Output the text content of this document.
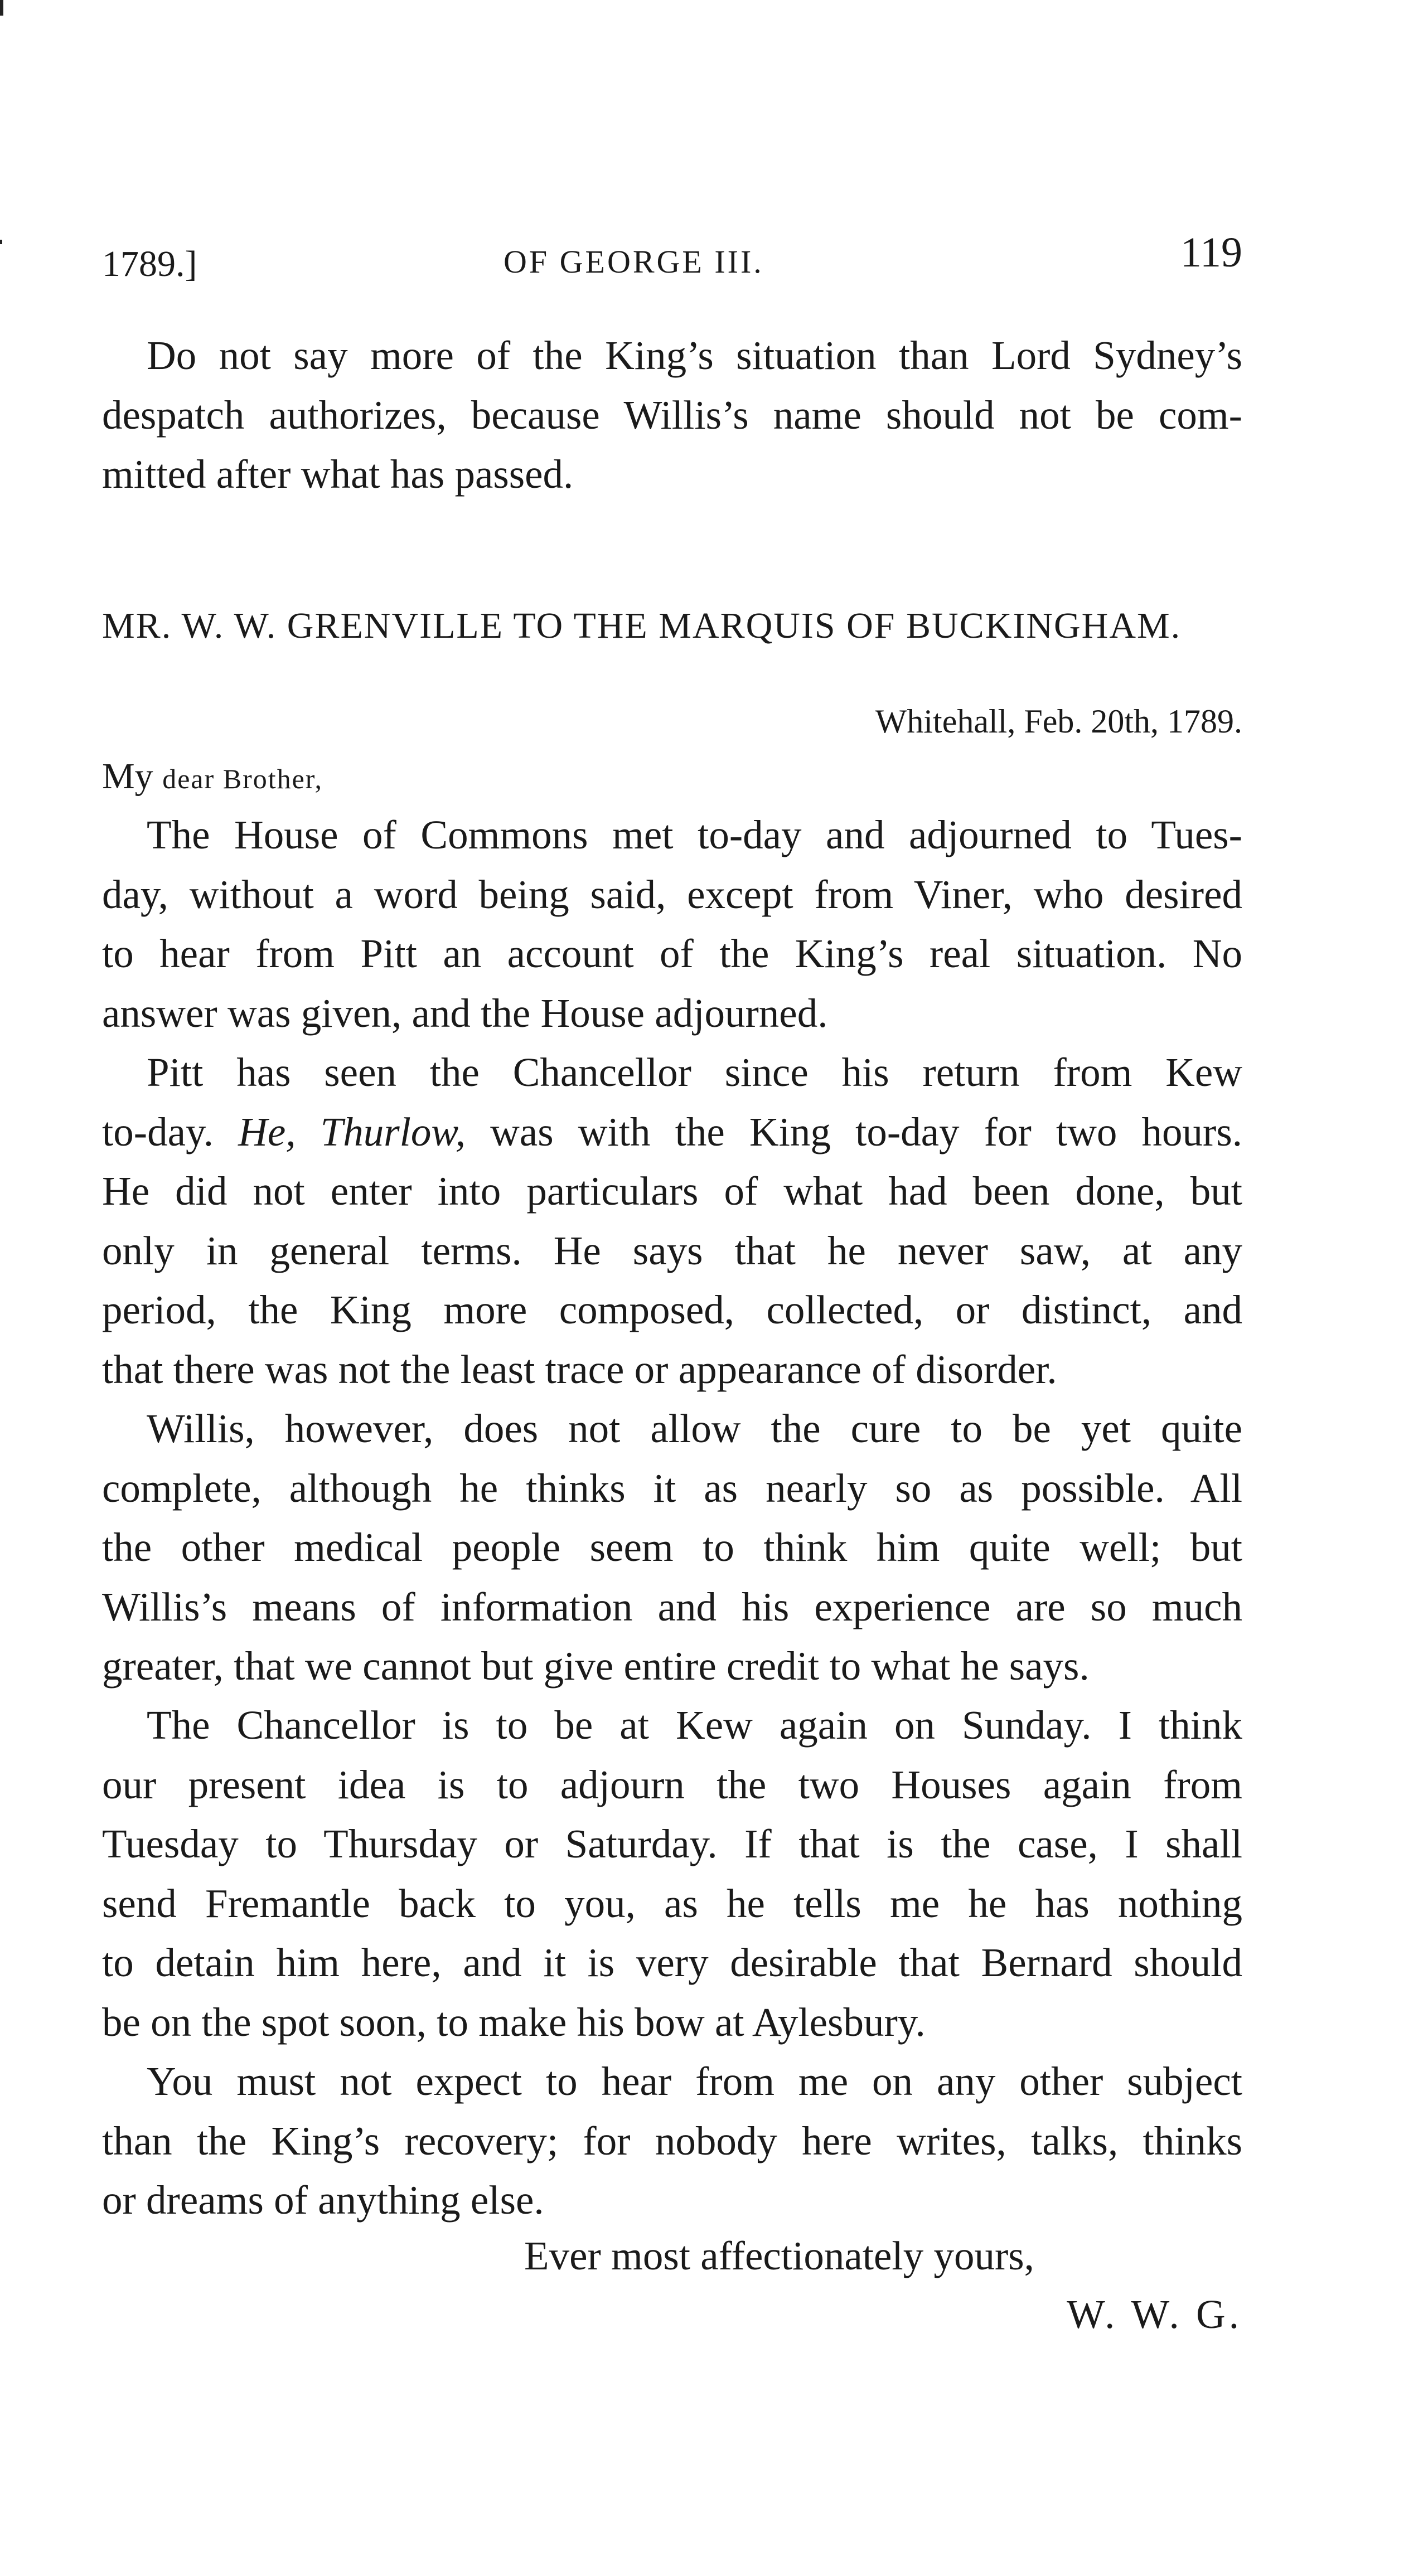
1789.]	OF GEORGE III.	119
Do not say more of the King’s situation than Lord Sydney’s
despatch authorizes, because Willis’s name should not be com-
mitted after what has passed.
MR. W. W. GRENVILLE TO THE MARQUIS OF BUCKINGHAM.
Whitehall, Feb. 20th, 1789.
My dear Brother,
The House of Commons met to-day and adjourned to Tues-
day, without a word being said, except from Viner, who desired
to hear from Pitt an account of the King’s real situation. No
answer was given, and the House adjourned.
Pitt has seen the Chancellor since his return from Kew
to-day. He, Thurlow, was with the King to-day for two hours.
He did not enter into particulars of what had been done, but
only in general terms. He says that he never saw, at any
period, the King more composed, collected, or distinct, and
that there was not the least trace or appearance of disorder.
Willis, however, does not allow the cure to be yet quite
complete, although he thinks it as nearly so as possible. All
the other medical people seem to think him quite well; but
Willis’s means of information and his experience are so much
greater, that we cannot but give entire credit to what he says.
The Chancellor is to be at Kew again on Sunday. I think
our present idea is to adjourn the two Houses again from
Tuesday to Thursday or Saturday. If that is the case, I shall
send Fremantle back to you, as he tells me he has nothing
to detain him here, and it is very desirable that Bernard should
be on the spot soon, to make his bow at Aylesbury.
You must not expect to hear from me on any other subject
than the King’s recovery; for nobody here writes, talks, thinks
or dreams of anything else.
Ever most affectionately yours,
W. W. G.
